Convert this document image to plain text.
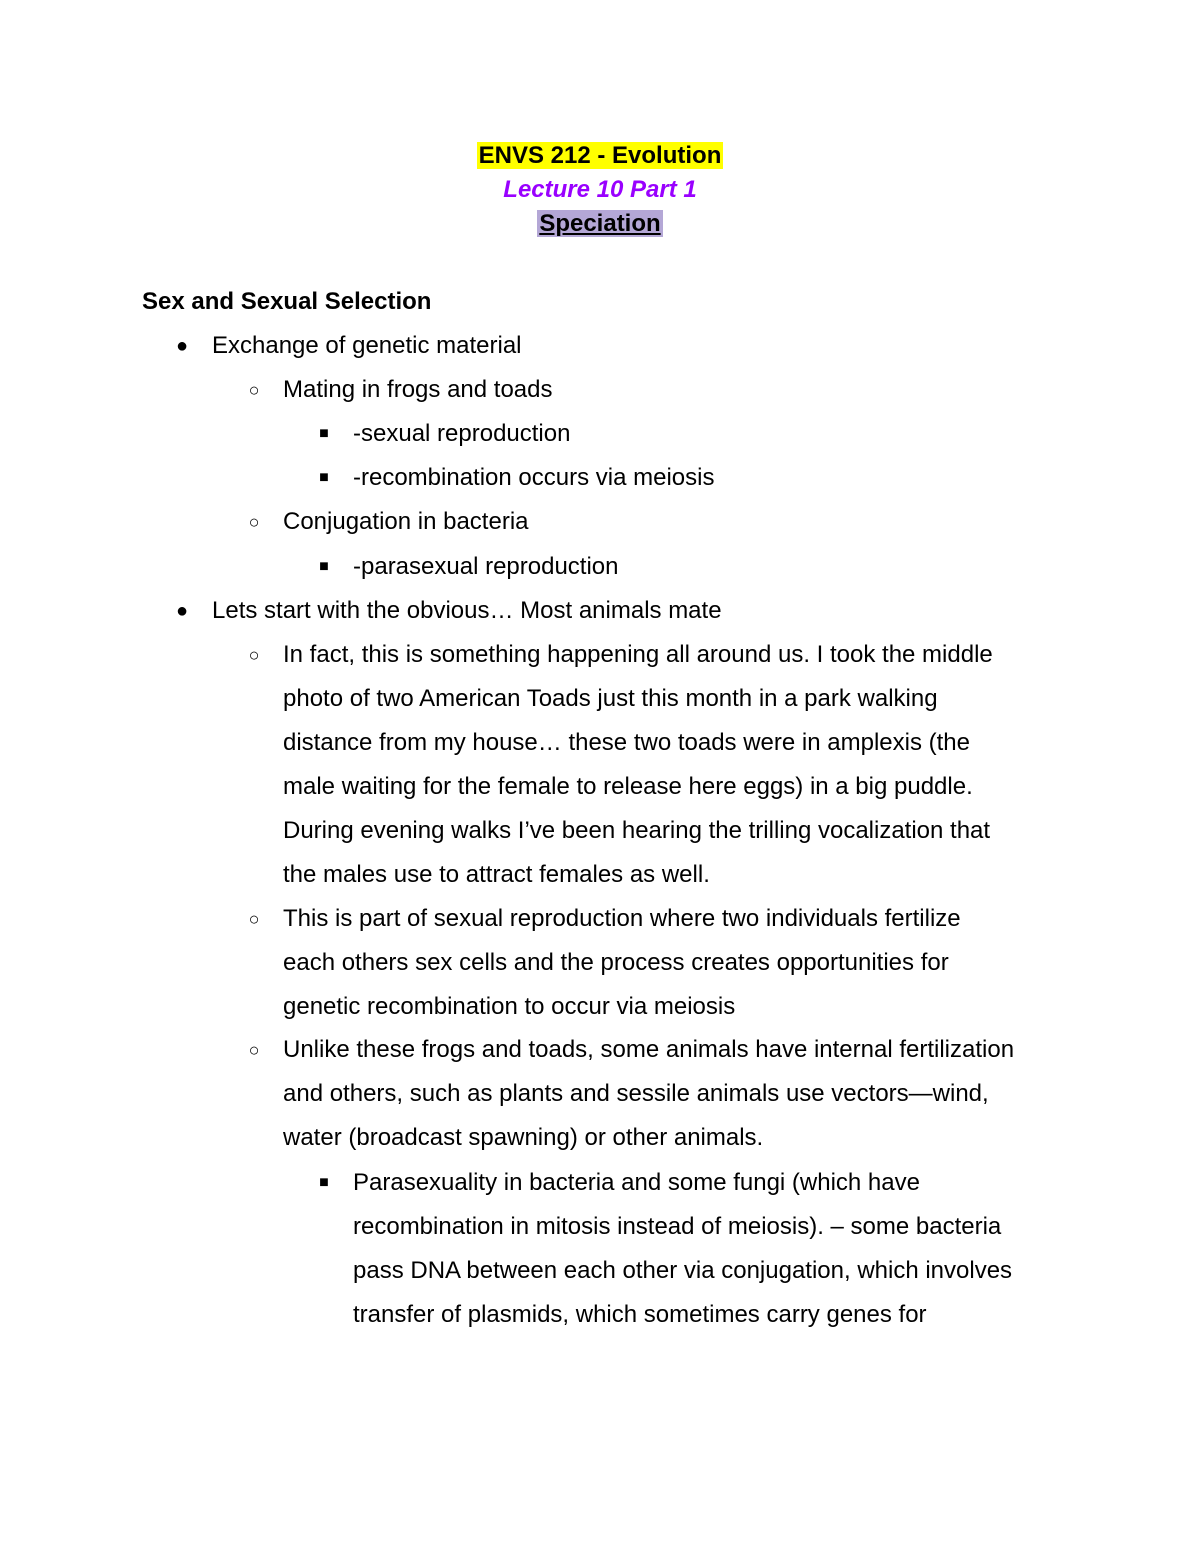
ENVS 212 - Evolution
Lecture 10 Part 1
Speciation
Sex and Sexual Selection
● Exchange of genetic material
○ Mating in frogs and toads
■ -sexual reproduction
■ -recombination occurs via meiosis
○ Conjugation in bacteria
■ -parasexual reproduction
● Lets start with the obvious… Most animals mate
○ In fact, this is something happening all around us. I took the middle
photo of two American Toads just this month in a park walking
distance from my house… these two toads were in amplexis (the
male waiting for the female to release here eggs) in a big puddle.
During evening walks I’ve been hearing the trilling vocalization that
the males use to attract females as well.
○ This is part of sexual reproduction where two individuals fertilize
each others sex cells and the process creates opportunities for
genetic recombination to occur via meiosis
○ Unlike these frogs and toads, some animals have internal fertilization
and others, such as plants and sessile animals use vectors—wind,
water (broadcast spawning) or other animals.
■ Parasexuality in bacteria and some fungi (which have
recombination in mitosis instead of meiosis). – some bacteria
pass DNA between each other via conjugation, which involves
transfer of plasmids, which sometimes carry genes for
